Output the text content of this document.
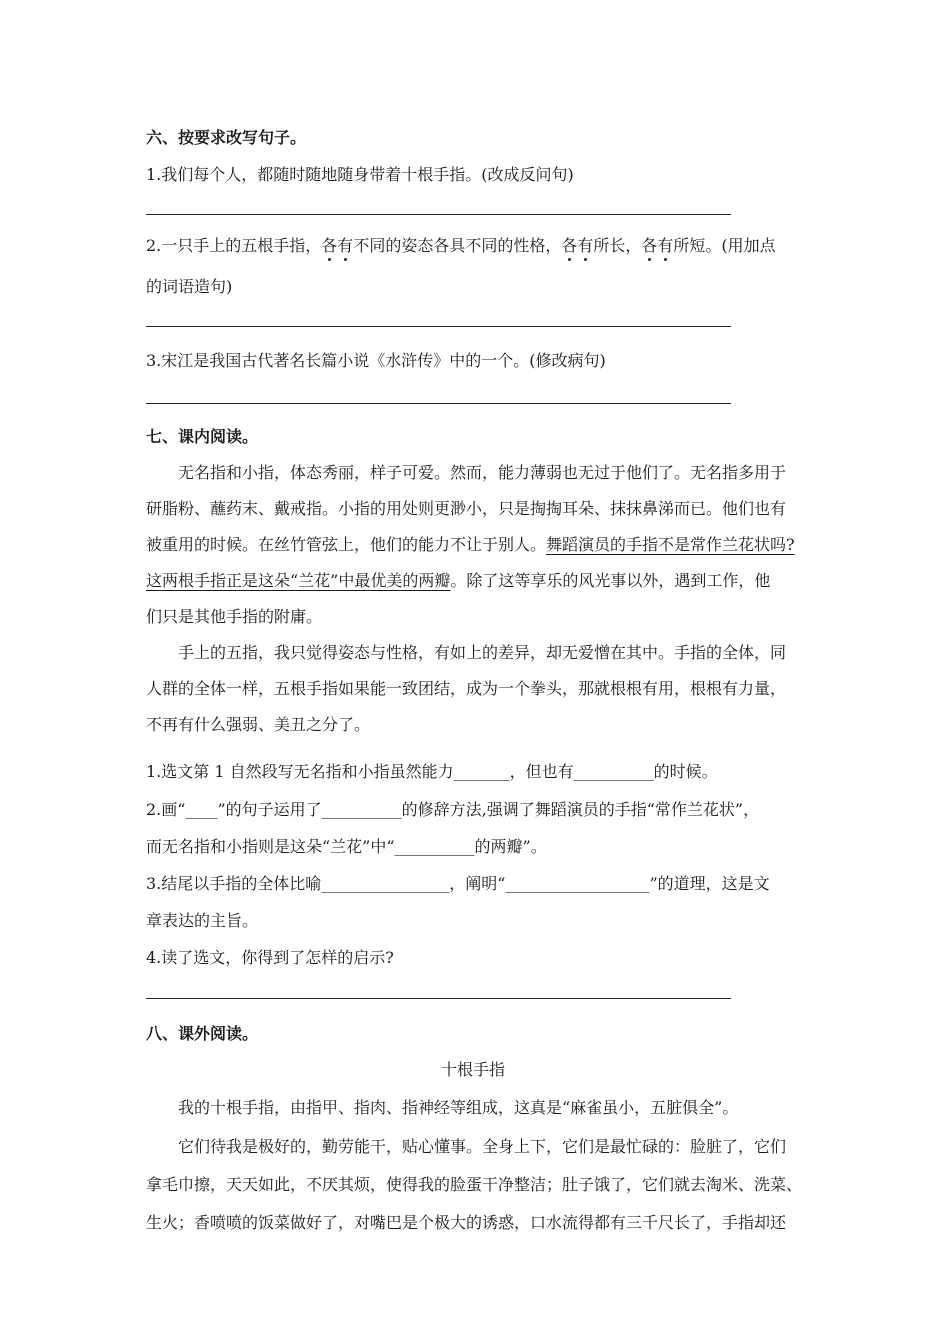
六、按要求改写句子。
1.我们每个人，都随时随地随身带着十根手指。(改成反问句)
2.一只手上的五根手指，各有不同的姿态各具不同的性格，各有所长，各有所短。(用加点
的词语造句)
3.宋江是我国古代著名长篇小说《水浒传》中的一个。(修改病句)
七、课内阅读。
无名指和小指，体态秀丽，样子可爱。然而，能力薄弱也无过于他们了。无名指多用于
研脂粉、蘸药末、戴戒指。小指的用处则更渺小，只是掏掏耳朵、抹抹鼻涕而已。他们也有
被重用的时候。在丝竹管弦上，他们的能力不让于别人。舞蹈演员的手指不是常作兰花状吗?
这两根手指正是这朵“兰花”中最优美的两瓣。除了这等享乐的风光事以外，遇到工作，他
们只是其他手指的附庸。
手上的五指，我只觉得姿态与性格，有如上的差异，却无爱憎在其中。手指的全体，同
人群的全体一样，五根手指如果能一致团结，成为一个拳头，那就根根有用，根根有力量，
不再有什么强弱、美丑之分了。
1.选文第 1 自然段写无名指和小指虽然能力_______，但也有__________的时候。
2.画“____”的句子运用了__________的修辞方法,强调了舞蹈演员的手指“常作兰花状”，
而无名指和小指则是这朵“兰花”中“__________的两瓣”。
3.结尾以手指的全体比喻________________，阐明“__________________”的道理，这是文
章表达的主旨。
4.读了选文，你得到了怎样的启示?
八、课外阅读。
十根手指
我的十根手指，由指甲、指肉、指神经等组成，这真是“麻雀虽小，五脏俱全”。
它们待我是极好的，勤劳能干，贴心懂事。全身上下，它们是最忙碌的：脸脏了，它们
拿毛巾擦，天天如此，不厌其烦，使得我的脸蛋干净整洁；肚子饿了，它们就去淘米、洗菜、
生火；香喷喷的饭菜做好了，对嘴巴是个极大的诱惑，口水流得都有三千尺长了，手指却还
